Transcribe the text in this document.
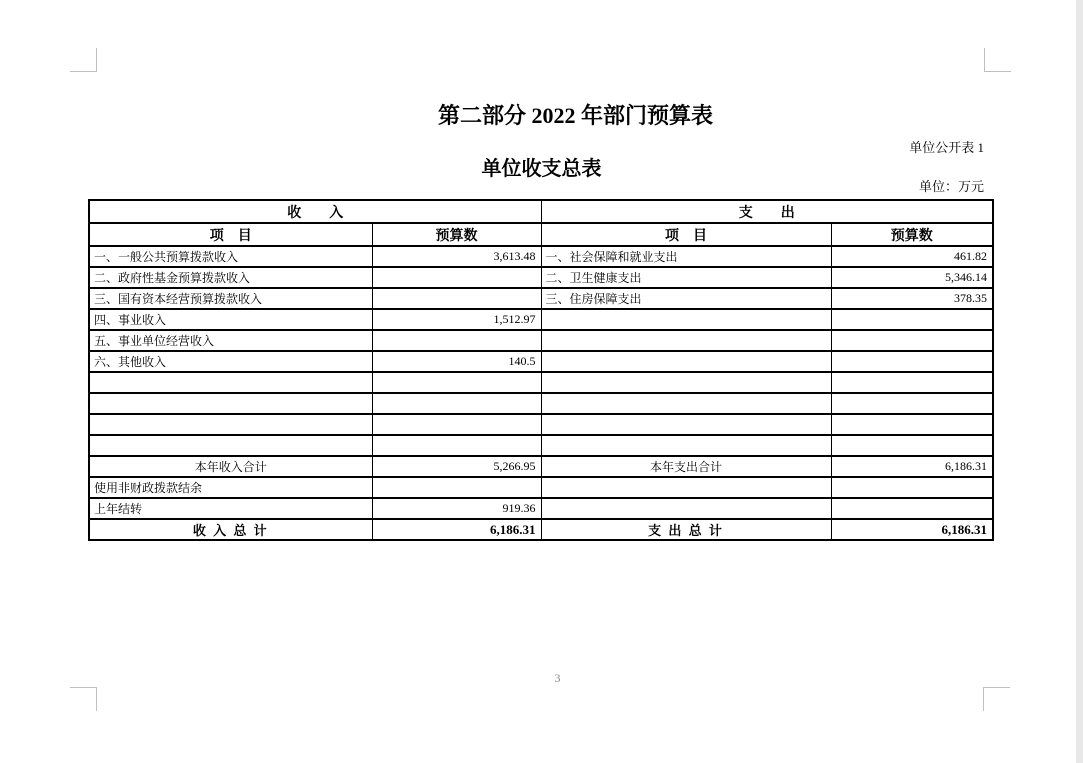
第二部分 2022 年部门预算表
单位公开表 1
单位收支总表
单位：万元
收　　入		支　　出	
项　目	预算数	项　目	预算数
一、一般公共预算拨款收入	3,613.48	一、社会保障和就业支出	461.82
二、政府性基金预算拨款收入		二、卫生健康支出	5,346.14
三、国有资本经营预算拨款收入		三、住房保障支出	378.35
四、事业收入	1,512.97		
五、事业单位经营收入			
六、其他收入	140.5		

本年收入合计	5,266.95	本年支出合计	6,186.31
使用非财政拨款结余			
上年结转	919.36		
收 入 总 计	6,186.31	支 出 总 计	6,186.31
3
